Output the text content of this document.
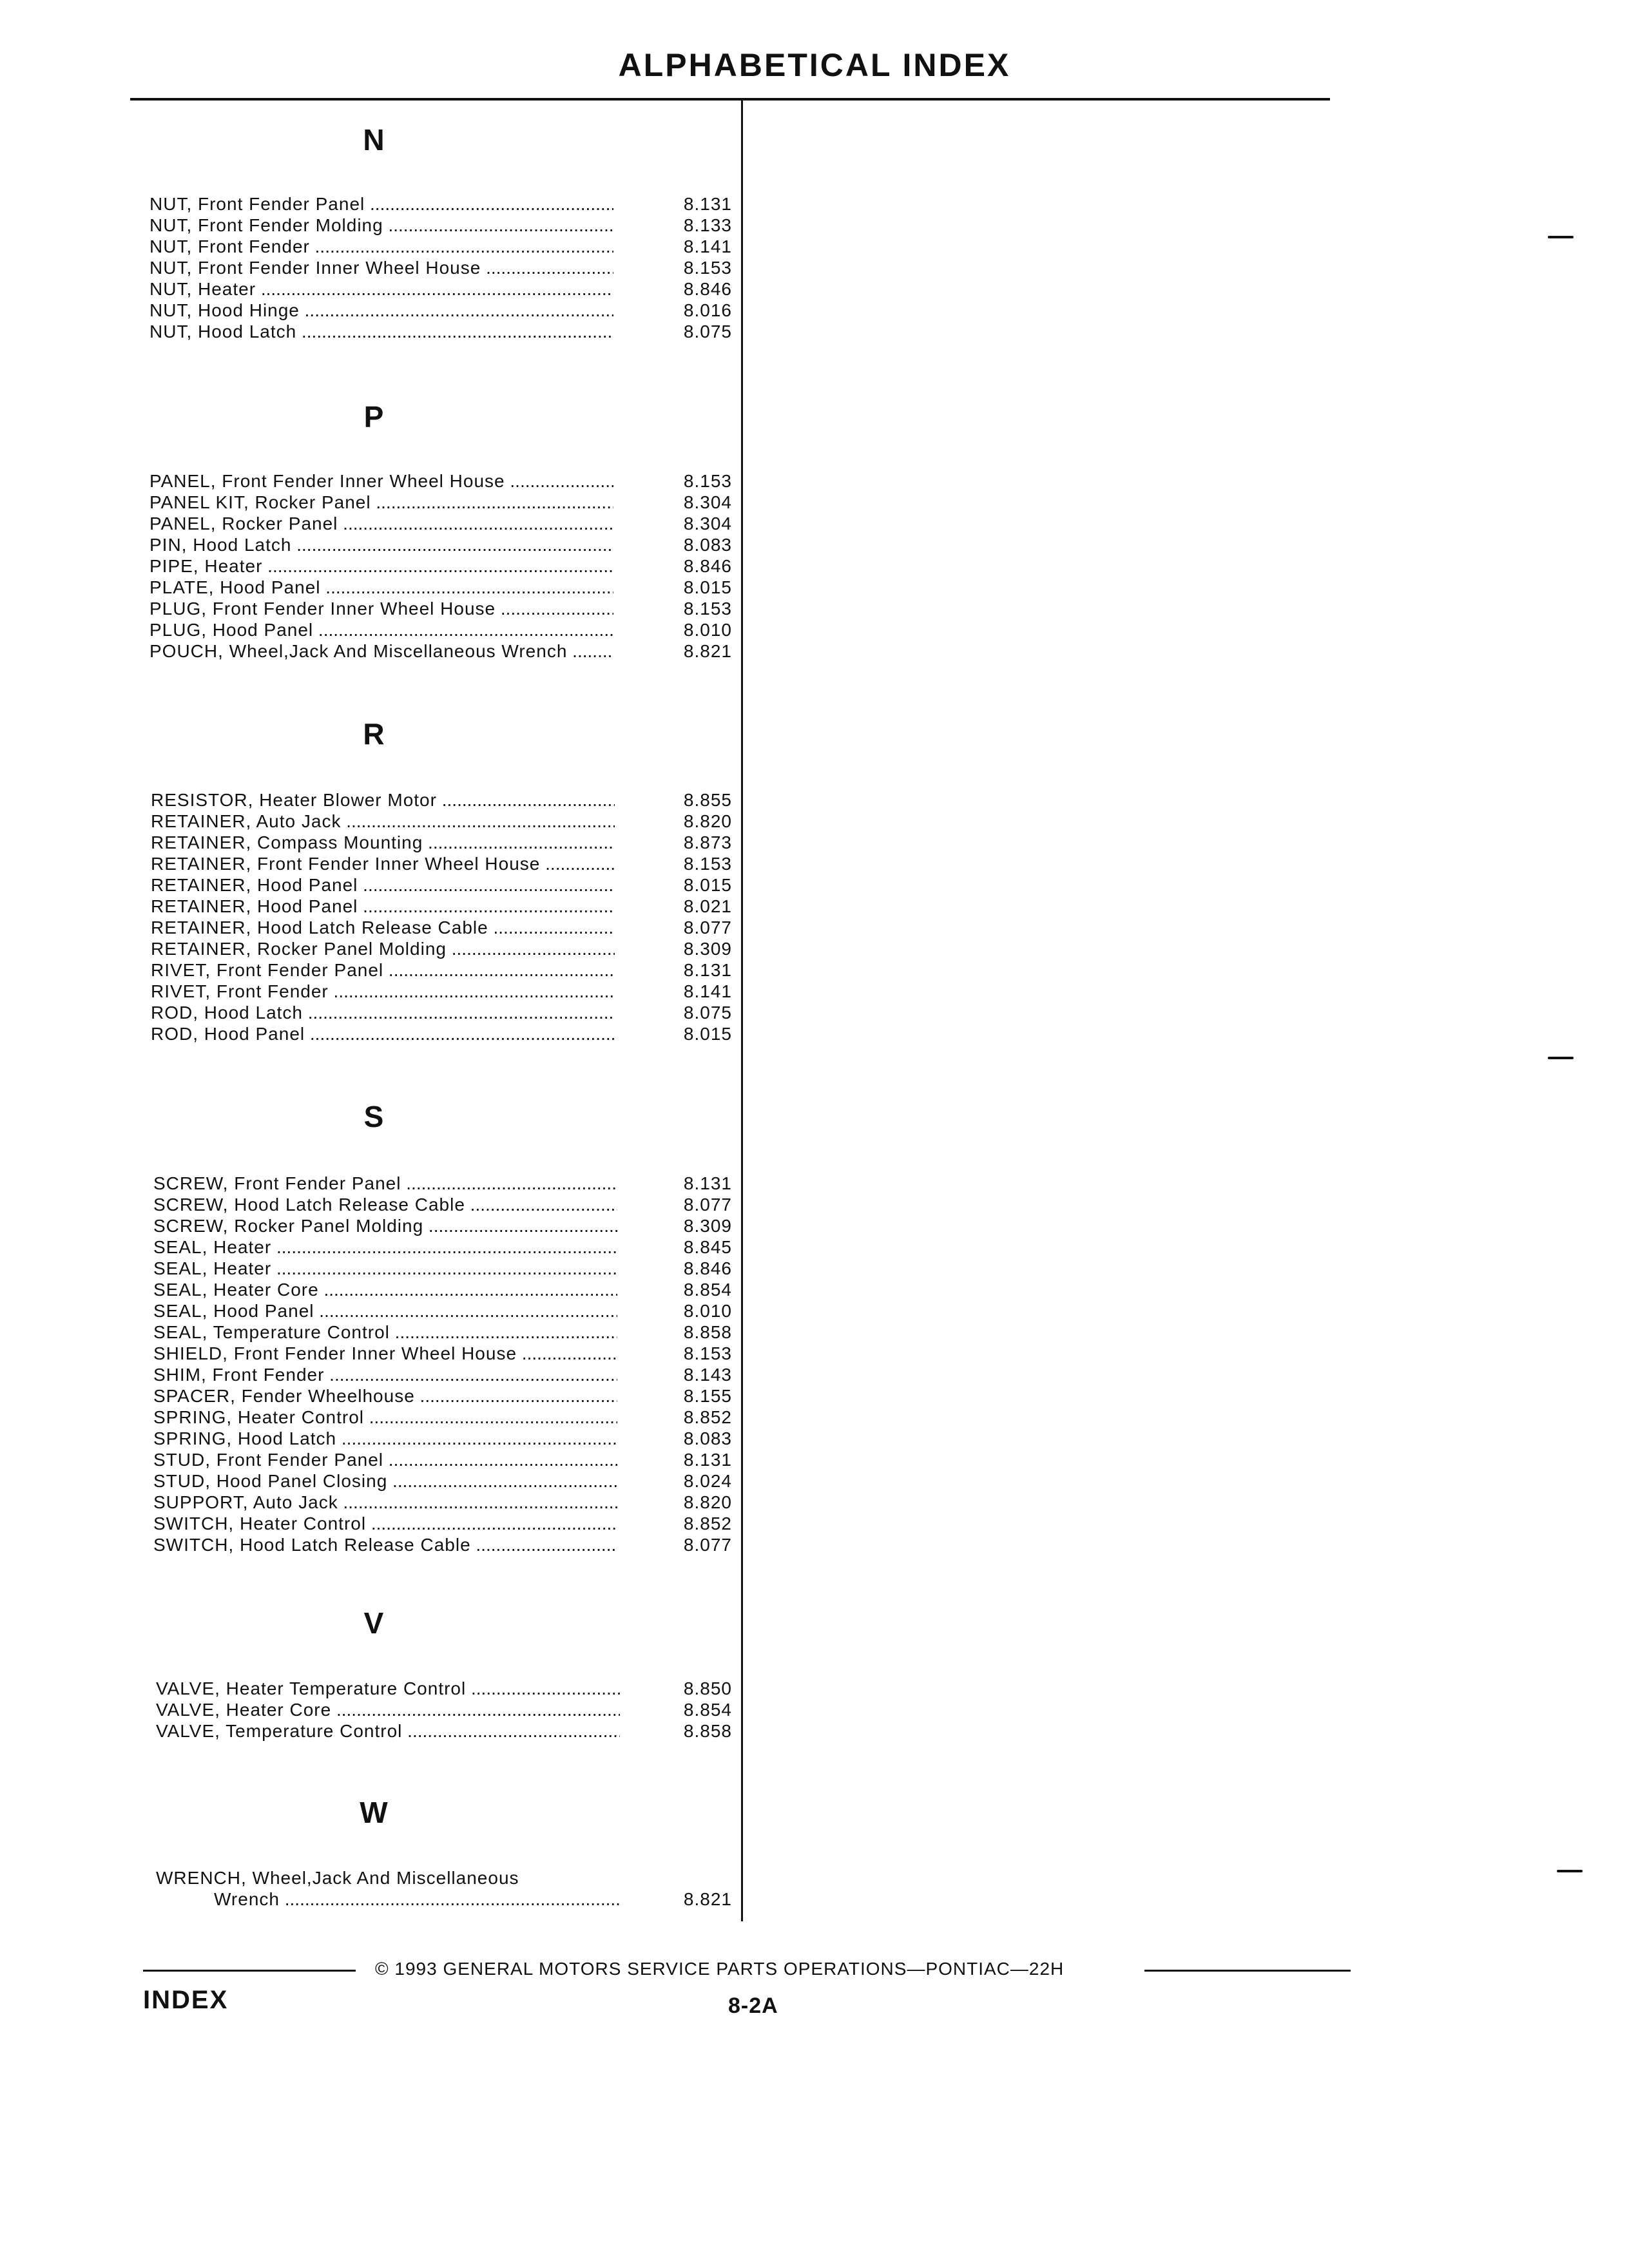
ALPHABETICAL INDEX
N
NUT, Front Fender Panel .....	8.131
NUT, Front Fender Molding .....	8.133
NUT, Front Fender .....	8.141
NUT, Front Fender Inner Wheel House .....	8.153
NUT, Heater .....	8.846
NUT, Hood Hinge .....	8.016
NUT, Hood Latch .....	8.075
P
PANEL, Front Fender Inner Wheel House .....	8.153
PANEL KIT, Rocker Panel .....	8.304
PANEL, Rocker Panel .....	8.304
PIN, Hood Latch .....	8.083
PIPE, Heater .....	8.846
PLATE, Hood Panel .....	8.015
PLUG, Front Fender Inner Wheel House .....	8.153
PLUG, Hood Panel .....	8.010
POUCH, Wheel,Jack And Miscellaneous Wrench .....	8.821
R
RESISTOR, Heater Blower Motor .....	8.855
RETAINER, Auto Jack .....	8.820
RETAINER, Compass Mounting .....	8.873
RETAINER, Front Fender Inner Wheel House .....	8.153
RETAINER, Hood Panel .....	8.015
RETAINER, Hood Panel .....	8.021
RETAINER, Hood Latch Release Cable .....	8.077
RETAINER, Rocker Panel Molding .....	8.309
RIVET, Front Fender Panel .....	8.131
RIVET, Front Fender .....	8.141
ROD, Hood Latch .....	8.075
ROD, Hood Panel .....	8.015
S
SCREW, Front Fender Panel .....	8.131
SCREW, Hood Latch Release Cable .....	8.077
SCREW, Rocker Panel Molding .....	8.309
SEAL, Heater .....	8.845
SEAL, Heater .....	8.846
SEAL, Heater Core .....	8.854
SEAL, Hood Panel .....	8.010
SEAL, Temperature Control .....	8.858
SHIELD, Front Fender Inner Wheel House .....	8.153
SHIM, Front Fender .....	8.143
SPACER, Fender Wheelhouse .....	8.155
SPRING, Heater Control .....	8.852
SPRING, Hood Latch .....	8.083
STUD, Front Fender Panel .....	8.131
STUD, Hood Panel Closing .....	8.024
SUPPORT, Auto Jack .....	8.820
SWITCH, Heater Control .....	8.852
SWITCH, Hood Latch Release Cable .....	8.077
V
VALVE, Heater Temperature Control .....	8.850
VALVE, Heater Core .....	8.854
VALVE, Temperature Control .....	8.858
W
WRENCH, Wheel,Jack And Miscellaneous
Wrench .....	8.821
© 1993 GENERAL MOTORS SERVICE PARTS OPERATIONS—PONTIAC—22H
INDEX	8-2A
